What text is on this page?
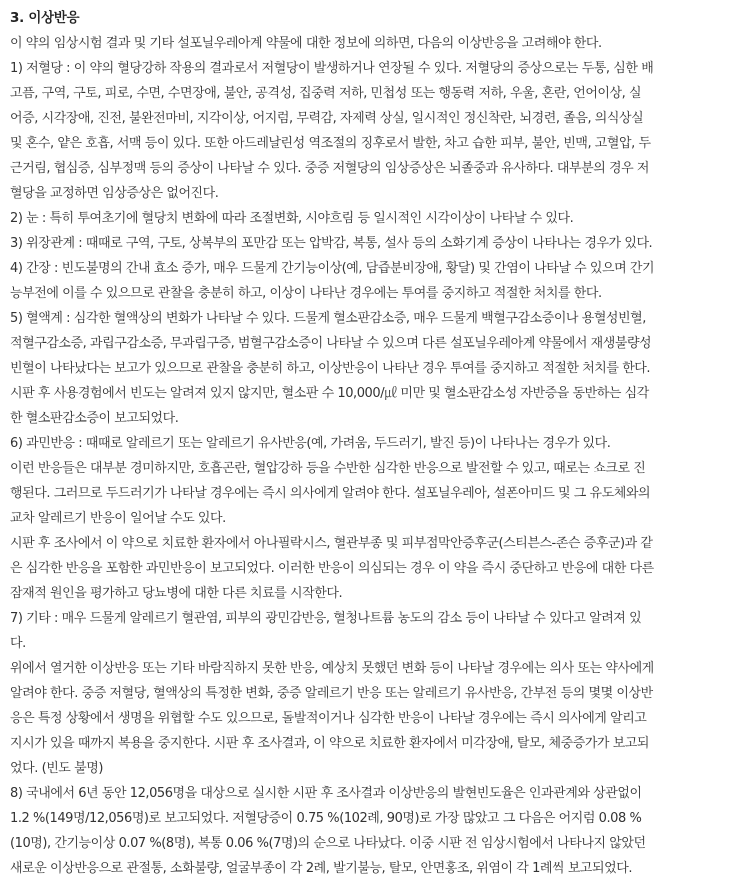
3. 이상반응
이 약의 임상시험 결과 및 기타 설포닐우레아계 약물에 대한 정보에 의하면, 다음의 이상반응을 고려해야 한다.
1) 저혈당 : 이 약의 혈당강하 작용의 결과로서 저혈당이 발생하거나 연장될 수 있다. 저혈당의 증상으로는 두통, 심한 배
고픔, 구역, 구토, 피로, 수면, 수면장애, 불안, 공격성, 집중력 저하, 민첩성 또는 행동력 저하, 우울, 혼란, 언어이상, 실
어증, 시각장애, 진전, 불완전마비, 지각이상, 어지럼, 무력감, 자제력 상실, 일시적인 정신착란, 뇌경련, 졸음, 의식상실
및 혼수, 얕은 호흡, 서맥 등이 있다. 또한 아드레날린성 역조절의 징후로서 발한, 차고 습한 피부, 불안, 빈맥, 고혈압, 두
근거림, 협심증, 심부정맥 등의 증상이 나타날 수 있다. 중증 저혈당의 임상증상은 뇌졸중과 유사하다. 대부분의 경우 저
혈당을 교정하면 임상증상은 없어진다.
2) 눈 : 특히 투여초기에 혈당치 변화에 따라 조절변화, 시야흐림 등 일시적인 시각이상이 나타날 수 있다.
3) 위장관계 : 때때로 구역, 구토, 상복부의 포만감 또는 압박감, 복통, 설사 등의 소화기계 증상이 나타나는 경우가 있다.
4) 간장 : 빈도불명의 간내 효소 증가, 매우 드물게 간기능이상(예, 담즙분비장애, 황달) 및 간염이 나타날 수 있으며 간기
능부전에 이를 수 있으므로 관찰을 충분히 하고, 이상이 나타난 경우에는 투여를 중지하고 적절한 처치를 한다.
5) 혈액계 : 심각한 혈액상의 변화가 나타날 수 있다. 드물게 혈소판감소증, 매우 드물게 백혈구감소증이나 용혈성빈혈,
적혈구감소증, 과립구감소증, 무과립구증, 범혈구감소증이 나타날 수 있으며 다른 설포닐우레아계 약물에서 재생불량성
빈혈이 나타났다는 보고가 있으므로 관찰을 충분히 하고, 이상반응이 나타난 경우 투여를 중지하고 적절한 처치를 한다.
시판 후 사용경험에서 빈도는 알려져 있지 않지만, 혈소판 수 10,000/㎕ 미만 및 혈소판감소성 자반증을 동반하는 심각
한 혈소판감소증이 보고되었다.
6) 과민반응 : 때때로 알레르기 또는 알레르기 유사반응(예, 가려움, 두드러기, 발진 등)이 나타나는 경우가 있다.
이런 반응들은 대부분 경미하지만, 호흡곤란, 혈압강하 등을 수반한 심각한 반응으로 발전할 수 있고, 때로는 쇼크로 진
행된다. 그러므로 두드러기가 나타날 경우에는 즉시 의사에게 알려야 한다. 설포닐우레아, 설폰아미드 및 그 유도체와의
교차 알레르기 반응이 일어날 수도 있다.
시판 후 조사에서 이 약으로 치료한 환자에서 아나필락시스, 혈관부종 및 피부점막안증후군(스티븐스-존슨 증후군)과 같
은 심각한 반응을 포함한 과민반응이 보고되었다. 이러한 반응이 의심되는 경우 이 약을 즉시 중단하고 반응에 대한 다른
잠재적 원인을 평가하고 당뇨병에 대한 다른 치료를 시작한다.
7) 기타 : 매우 드물게 알레르기 혈관염, 피부의 광민감반응, 혈청나트륨 농도의 감소 등이 나타날 수 있다고 알려져 있
다.
위에서 열거한 이상반응 또는 기타 바람직하지 못한 반응, 예상치 못했던 변화 등이 나타날 경우에는 의사 또는 약사에게
알려야 한다. 중증 저혈당, 혈액상의 특정한 변화, 중증 알레르기 반응 또는 알레르기 유사반응, 간부전 등의 몇몇 이상반
응은 특정 상황에서 생명을 위협할 수도 있으므로, 돌발적이거나 심각한 반응이 나타날 경우에는 즉시 의사에게 알리고
지시가 있을 때까지 복용을 중지한다. 시판 후 조사결과, 이 약으로 치료한 환자에서 미각장애, 탈모, 체중증가가 보고되
었다. (빈도 불명)
8) 국내에서 6년 동안 12,056명을 대상으로 실시한 시판 후 조사결과 이상반응의 발현빈도율은 인과관계와 상관없이
1.2 %(149명/12,056명)로 보고되었다. 저혈당증이 0.75 %(102례, 90명)로 가장 많았고 그 다음은 어지럼 0.08 %
(10명), 간기능이상 0.07 %(8명), 복통 0.06 %(7명)의 순으로 나타났다. 이중 시판 전 임상시험에서 나타나지 않았던
새로운 이상반응으로 관절통, 소화불량, 얼굴부종이 각 2례, 발기불능, 탈모, 안면홍조, 위염이 각 1례씩 보고되었다.
